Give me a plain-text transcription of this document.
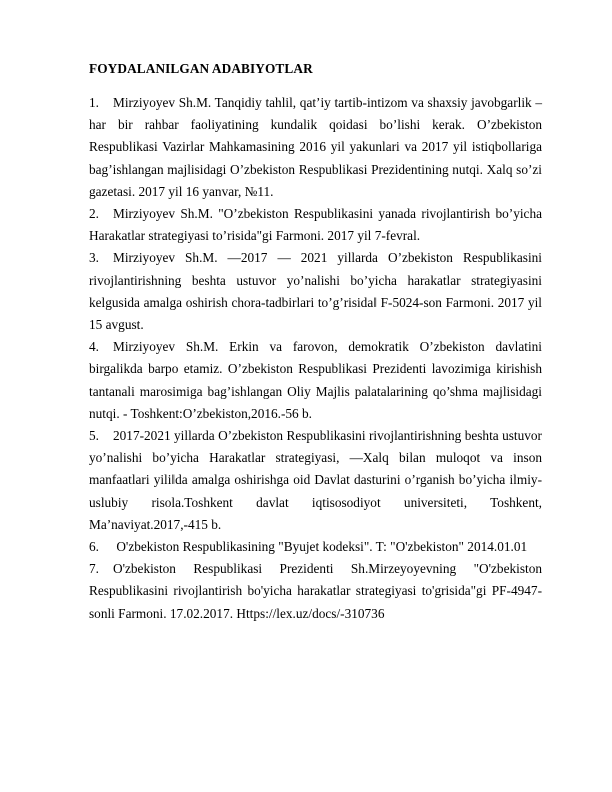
FOYDALANILGAN ADABIYOTLAR
1. Mirziyoyev Sh.M. Tanqidiy tahlil, qat’iy tartib-intizom va shaxsiy javobgarlik – har bir rahbar faoliyatining kundalik qoidasi bo’lishi kerak. O’zbekiston Respublikasi Vazirlar Mahkamasining 2016 yil yakunlari va 2017 yil istiqbollariga bag’ishlangan majlisidagi O’zbekiston Respublikasi Prezidentining nutqi. Xalq so’zi gazetasi. 2017 yil 16 yanvar, №11.
2. Mirziyoyev Sh.M. "O’zbekiston Respublikasini yanada rivojlantirish bo’yicha Harakatlar strategiyasi to’risida"gi Farmoni. 2017 yil 7-fevral.
3. Mirziyoyev Sh.M. ―2017 ― 2021 yillarda O’zbekiston Respublikasini rivojlantirishning beshta ustuvor yo’nalishi bo’yicha harakatlar strategiyasini kelgusida amalga oshirish chora-tadbirlari to’g’risida‖ F-5024-son Farmoni. 2017 yil 15 avgust.
4. Mirziyoyev Sh.M. Erkin va farovon, demokratik O’zbekiston davlatini birgalikda barpo etamiz. O’zbekiston Respublikasi Prezidenti lavozimiga kirishish tantanali marosimiga bag’ishlangan Oliy Majlis palatalarining qo’shma majlisidagi nutqi. - Toshkent:O’zbekiston,2016.-56 b.
5. 2017-2021 yillarda O’zbekiston Respublikasini rivojlantirishning beshta ustuvor yo’nalishi bo’yicha Harakatlar strategiyasi, ―Xalq bilan muloqot va inson manfaatlari yili‖da amalga oshirishga oid Davlat dasturini o’rganish bo’yicha ilmiy-uslubiy risola.Toshkent davlat iqtisosodiyot universiteti, Toshkent, Ma’naviyat.2017,-415 b.
6. O'zbekiston Respublikasining "Byujet kodeksi". T: "O'zbekiston" 2014.01.01
7. O'zbekiston Respublikasi Prezidenti Sh.Mirzeyoyevning "O'zbekiston Respublikasini rivojlantirish bo'yicha harakatlar strategiyasi to'grisida"gi PF-4947-sonli Farmoni. 17.02.2017. Https://lex.uz/docs/-310736
